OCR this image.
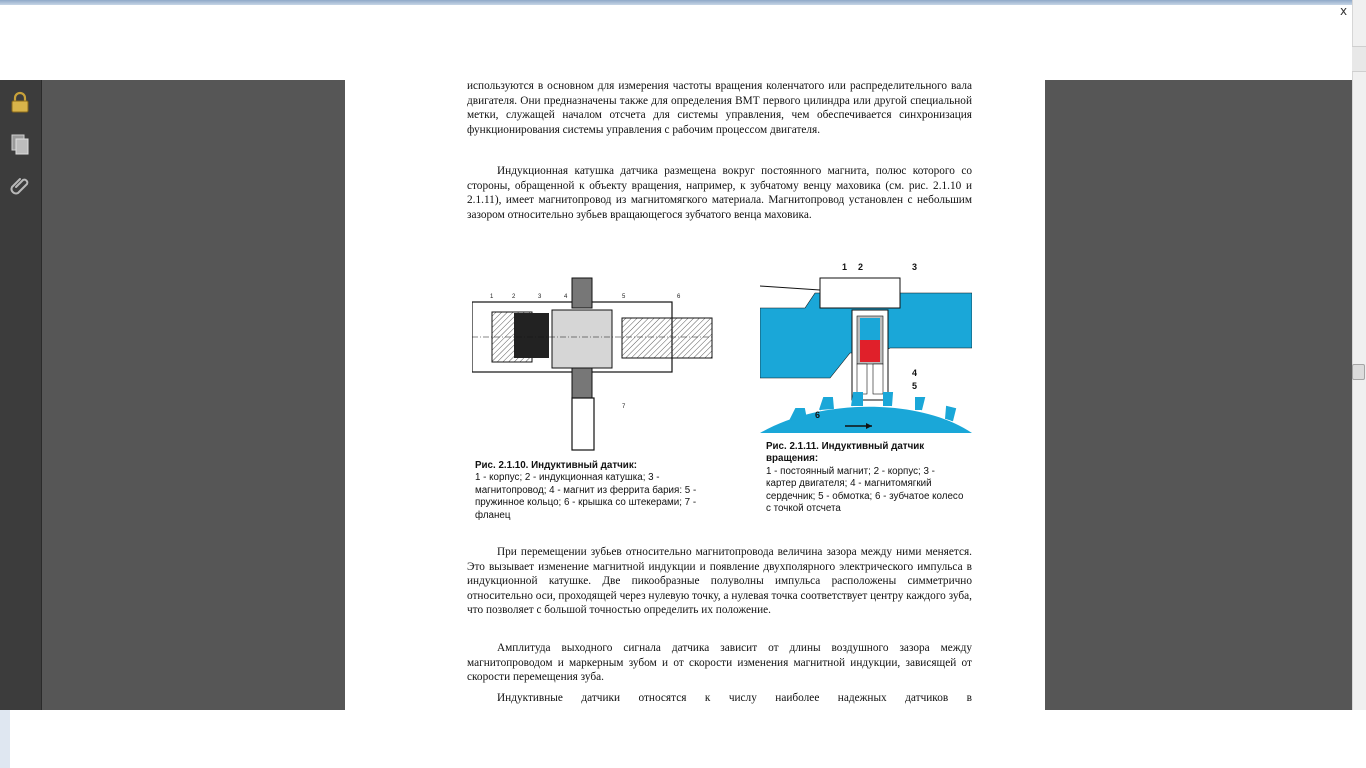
x

используются в основном для измерения частоты вращения коленчатого или распределительного вала двигателя. Они предназначены также для определения ВМТ первого цилиндра или другой специальной метки, служащей началом отсчета для системы управления, чем обеспечивается синхронизация функционирования системы управления с рабочим процессом двигателя.

Индукционная катушка датчика размещена вокруг постоянного магнита, полюс которого со стороны, обращенной к объекту вращения, например, к зубчатому венцу маховика (см. рис. 2.1.10 и 2.1.11), имеет магнитопровод из магнитомягкого материала. Магнитопровод установлен с небольшим зазором относительно зубьев вращающегося зубчатого венца маховика.

1	2	3	4	5	6
7
1 2	3
4
5
6
Рис. 2.1.10. Индуктивный датчик:
1 - корпус; 2 - индукционная катушка; 3 - магнитопровод; 4 - магнит из феррита бария: 5 - пружинное кольцо; 6 - крышка со штекерами; 7 - фланец
Рис. 2.1.11. Индуктивный датчик вращения:
1 - постоянный магнит; 2 - корпус; 3 - картер двигателя; 4 - магнитомягкий сердечник; 5 - обмотка; 6 - зубчатое колесо с точкой отсчета

При перемещении зубьев относительно магнитопровода величина зазора между ними меняется. Это вызывает изменение магнитной индукции и появление двухполярного электрического импульса в индукционной катушке. Две пикообразные полуволны импульса расположены симметрично относительно оси, проходящей через нулевую точку, а нулевая точка соответствует центру каждого зуба, что позволяет с большой точностью определить их положение.

Амплитуда выходного сигнала датчика зависит от длины воздушного зазора между магнитопроводом и маркерным зубом и от скорости изменения магнитной индукции, зависящей от скорости перемещения зуба.

Индуктивные датчики относятся к числу наиболее надежных датчиков в
